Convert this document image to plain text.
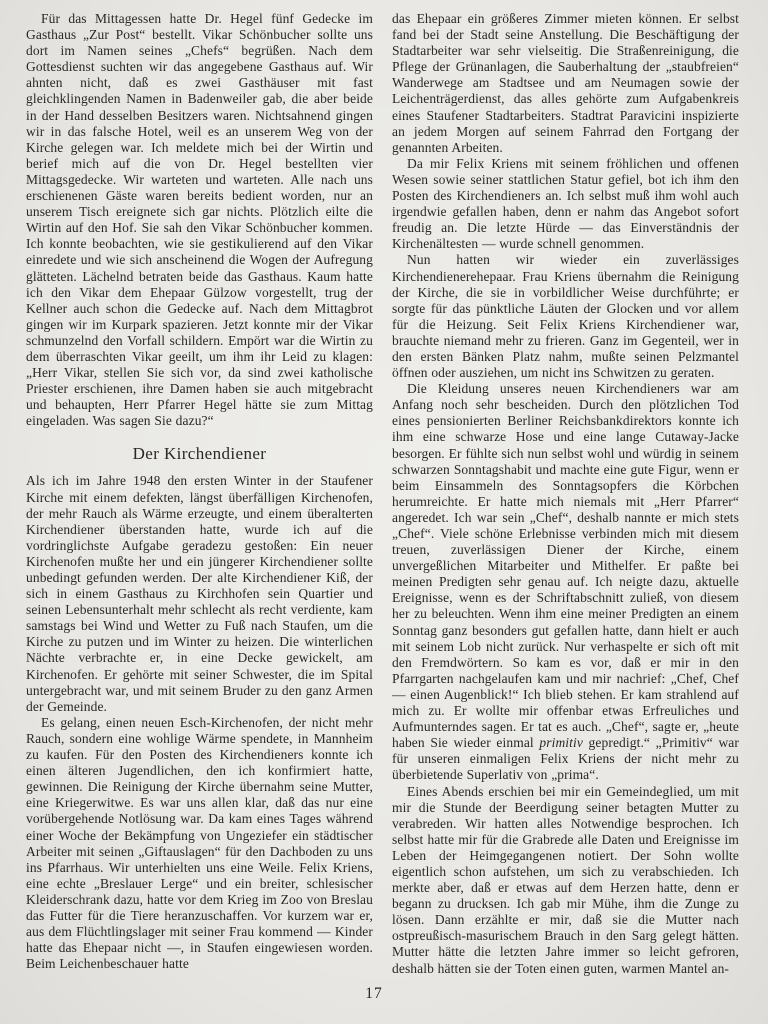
Für das Mittagessen hatte Dr. Hegel fünf Gedecke im Gasthaus „Zur Post“ bestellt. Vikar Schönbucher sollte uns dort im Namen seines „Chefs“ begrüßen. Nach dem Gottesdienst suchten wir das angegebene Gasthaus auf. Wir ahnten nicht, daß es zwei Gasthäuser mit fast gleichklingenden Namen in Badenweiler gab, die aber beide in der Hand desselben Besitzers waren. Nichtsahnend gingen wir in das falsche Hotel, weil es an unserem Weg von der Kirche gelegen war. Ich meldete mich bei der Wirtin und berief mich auf die von Dr. Hegel bestellten vier Mittagsgedecke. Wir warteten und warteten. Alle nach uns erschienenen Gäste waren bereits bedient worden, nur an unserem Tisch ereignete sich gar nichts. Plötzlich eilte die Wirtin auf den Hof. Sie sah den Vikar Schönbucher kommen. Ich konnte beobachten, wie sie gestikulierend auf den Vikar einredete und wie sich anscheinend die Wogen der Aufregung glätteten. Lächelnd betraten beide das Gasthaus. Kaum hatte ich den Vikar dem Ehepaar Gülzow vorgestellt, trug der Kellner auch schon die Gedecke auf. Nach dem Mittagbrot gingen wir im Kurpark spazieren. Jetzt konnte mir der Vikar schmunzelnd den Vorfall schildern. Empört war die Wirtin zu dem überraschten Vikar geeilt, um ihm ihr Leid zu klagen: „Herr Vikar, stellen Sie sich vor, da sind zwei katholische Priester erschienen, ihre Damen haben sie auch mitgebracht und behaupten, Herr Pfarrer Hegel hätte sie zum Mittag eingeladen. Was sagen Sie dazu?“

Der Kirchendiener

Als ich im Jahre 1948 den ersten Winter in der Staufener Kirche mit einem defekten, längst überfälligen Kirchenofen, der mehr Rauch als Wärme erzeugte, und einem überalterten Kirchendiener überstanden hatte, wurde ich auf die vordringlichste Aufgabe geradezu gestoßen: Ein neuer Kirchenofen mußte her und ein jüngerer Kirchendiener sollte unbedingt gefunden werden. Der alte Kirchendiener Kiß, der sich in einem Gasthaus zu Kirchhofen sein Quartier und seinen Lebensunterhalt mehr schlecht als recht verdiente, kam samstags bei Wind und Wetter zu Fuß nach Staufen, um die Kirche zu putzen und im Winter zu heizen. Die winterlichen Nächte verbrachte er, in eine Decke gewickelt, am Kirchenofen. Er gehörte mit seiner Schwester, die im Spital untergebracht war, und mit seinem Bruder zu den ganz Armen der Gemeinde.

Es gelang, einen neuen Esch-Kirchenofen, der nicht mehr Rauch, sondern eine wohlige Wärme spendete, in Mannheim zu kaufen. Für den Posten des Kirchendieners konnte ich einen älteren Jugendlichen, den ich konfirmiert hatte, gewinnen. Die Reinigung der Kirche übernahm seine Mutter, eine Kriegerwitwe. Es war uns allen klar, daß das nur eine vorübergehende Notlösung war. Da kam eines Tages während einer Woche der Bekämpfung von Ungeziefer ein städtischer Arbeiter mit seinen „Giftauslagen“ für den Dachboden zu uns ins Pfarrhaus. Wir unterhielten uns eine Weile. Felix Kriens, eine echte „Breslauer Lerge“ und ein breiter, schlesischer Kleiderschrank dazu, hatte vor dem Krieg im Zoo von Breslau das Futter für die Tiere heranzuschaffen. Vor kurzem war er, aus dem Flüchtlingslager mit seiner Frau kommend — Kinder hatte das Ehepaar nicht —, in Staufen eingewiesen worden. Beim Leichenbeschauer hatte

das Ehepaar ein größeres Zimmer mieten können. Er selbst fand bei der Stadt seine Anstellung. Die Beschäftigung der Stadtarbeiter war sehr vielseitig. Die Straßenreinigung, die Pflege der Grünanlagen, die Sauberhaltung der „staubfreien“ Wanderwege am Stadtsee und am Neumagen sowie der Leichenträgerdienst, das alles gehörte zum Aufgabenkreis eines Staufener Stadtarbeiters. Stadtrat Paravicini inspizierte an jedem Morgen auf seinem Fahrrad den Fortgang der genannten Arbeiten.

Da mir Felix Kriens mit seinem fröhlichen und offenen Wesen sowie seiner stattlichen Statur gefiel, bot ich ihm den Posten des Kirchendieners an. Ich selbst muß ihm wohl auch irgendwie gefallen haben, denn er nahm das Angebot sofort freudig an. Die letzte Hürde — das Einverständnis der Kirchenältesten — wurde schnell genommen.

Nun hatten wir wieder ein zuverlässiges Kirchendienerehepaar. Frau Kriens übernahm die Reinigung der Kirche, die sie in vorbildlicher Weise durchführte; er sorgte für das pünktliche Läuten der Glocken und vor allem für die Heizung. Seit Felix Kriens Kirchendiener war, brauchte niemand mehr zu frieren. Ganz im Gegenteil, wer in den ersten Bänken Platz nahm, mußte seinen Pelzmantel öffnen oder ausziehen, um nicht ins Schwitzen zu geraten.

Die Kleidung unseres neuen Kirchendieners war am Anfang noch sehr bescheiden. Durch den plötzlichen Tod eines pensionierten Berliner Reichsbankdirektors konnte ich ihm eine schwarze Hose und eine lange Cutaway-Jacke besorgen. Er fühlte sich nun selbst wohl und würdig in seinem schwarzen Sonntagshabit und machte eine gute Figur, wenn er beim Einsammeln des Sonntagsopfers die Körbchen herumreichte. Er hatte mich niemals mit „Herr Pfarrer“ angeredet. Ich war sein „Chef“, deshalb nannte er mich stets „Chef“. Viele schöne Erlebnisse verbinden mich mit diesem treuen, zuverlässigen Diener der Kirche, einem unvergeßlichen Mitarbeiter und Mithelfer. Er paßte bei meinen Predigten sehr genau auf. Ich neigte dazu, aktuelle Ereignisse, wenn es der Schriftabschnitt zuließ, von diesem her zu beleuchten. Wenn ihm eine meiner Predigten an einem Sonntag ganz besonders gut gefallen hatte, dann hielt er auch mit seinem Lob nicht zurück. Nur verhaspelte er sich oft mit den Fremdwörtern. So kam es vor, daß er mir in den Pfarrgarten nachgelaufen kam und mir nachrief: „Chef, Chef — einen Augenblick!“ Ich blieb stehen. Er kam strahlend auf mich zu. Er wollte mir offenbar etwas Erfreuliches und Aufmunterndes sagen. Er tat es auch. „Chef“, sagte er, „heute haben Sie wieder einmal primitiv gepredigt.“ „Primitiv“ war für unseren einmaligen Felix Kriens der nicht mehr zu überbietende Superlativ von „prima“.

Eines Abends erschien bei mir ein Gemeindeglied, um mit mir die Stunde der Beerdigung seiner betagten Mutter zu verabreden. Wir hatten alles Notwendige besprochen. Ich selbst hatte mir für die Grabrede alle Daten und Ereignisse im Leben der Heimgegangenen notiert. Der Sohn wollte eigentlich schon aufstehen, um sich zu verabschieden. Ich merkte aber, daß er etwas auf dem Herzen hatte, denn er begann zu drucksen. Ich gab mir Mühe, ihm die Zunge zu lösen. Dann erzählte er mir, daß sie die Mutter nach ostpreußisch-masurischem Brauch in den Sarg gelegt hätten. Mutter hätte die letzten Jahre immer so leicht gefroren, deshalb hätten sie der Toten einen guten, warmen Mantel an-

17
